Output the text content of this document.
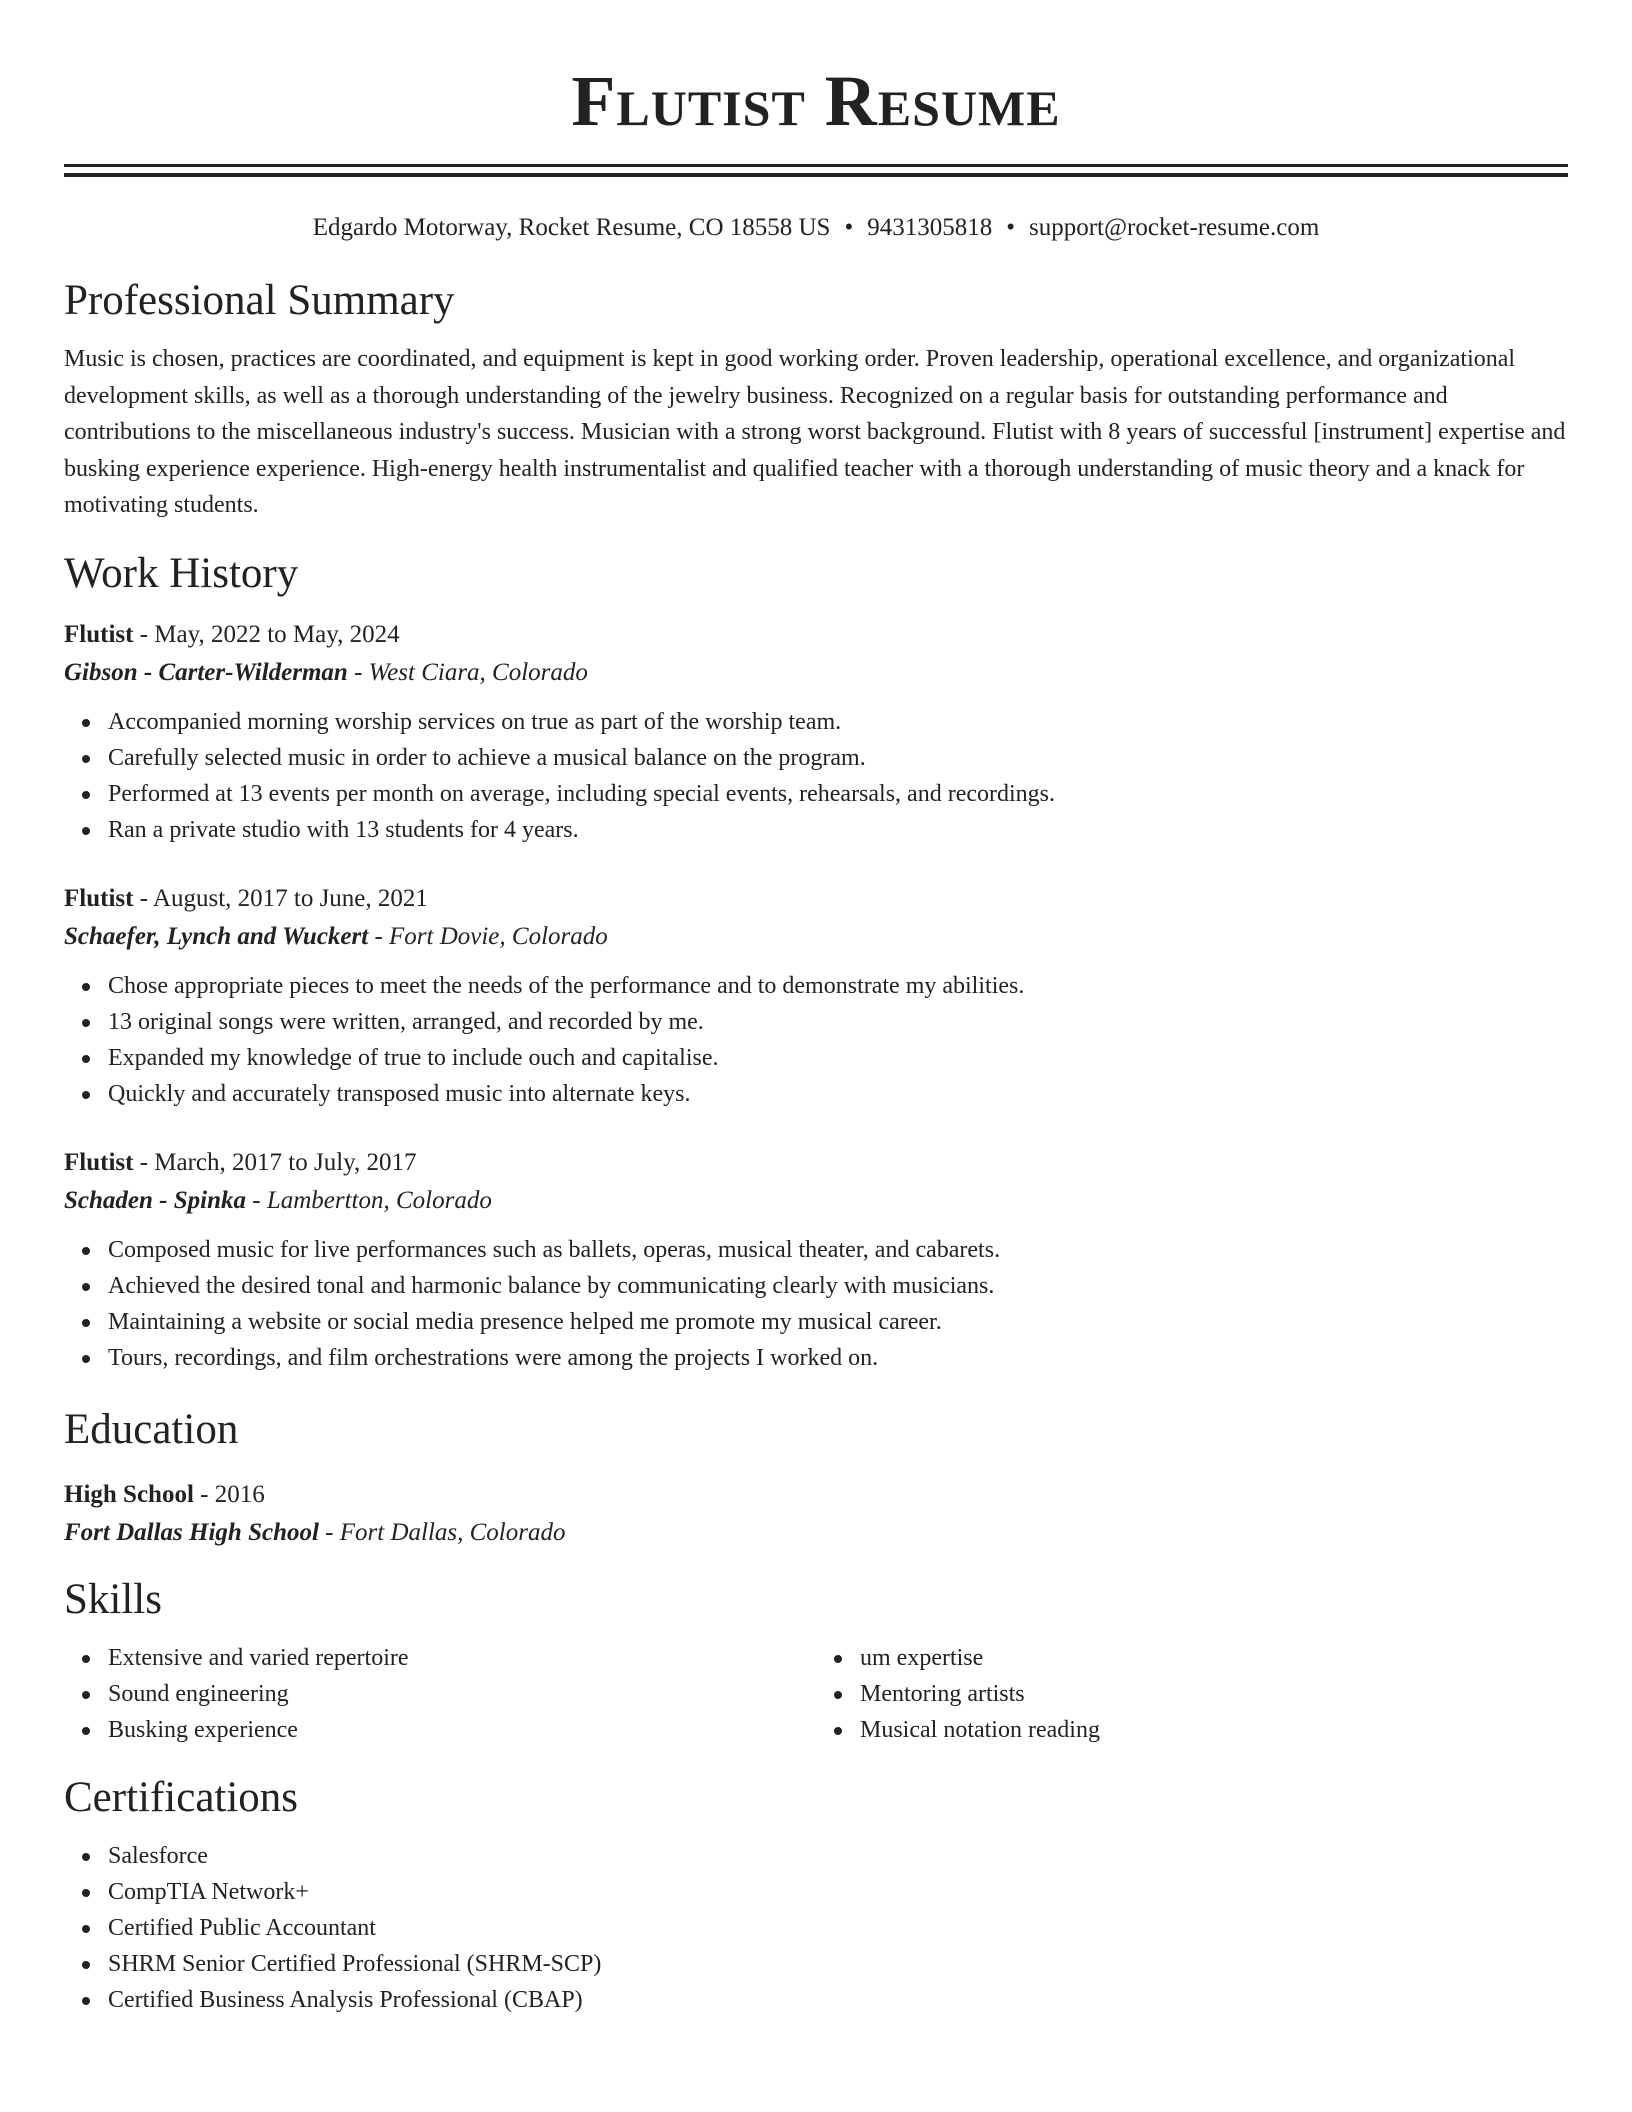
Flutist Resume
Edgardo Motorway, Rocket Resume, CO 18558 US • 9431305818 • support@rocket-resume.com
Professional Summary

Music is chosen, practices are coordinated, and equipment is kept in good working order. Proven leadership, operational excellence, and organizational development skills, as well as a thorough understanding of the jewelry business. Recognized on a regular basis for outstanding performance and contributions to the miscellaneous industry's success. Musician with a strong worst background. Flutist with 8 years of successful [instrument] expertise and busking experience experience. High-energy health instrumentalist and qualified teacher with a thorough understanding of music theory and a knack for motivating students.

Work History
Flutist - May, 2022 to May, 2024
Gibson - Carter-Wilderman - West Ciara, Colorado
Accompanied morning worship services on true as part of the worship team.
Carefully selected music in order to achieve a musical balance on the program.
Performed at 13 events per month on average, including special events, rehearsals, and recordings.
Ran a private studio with 13 students for 4 years.
Flutist - August, 2017 to June, 2021
Schaefer, Lynch and Wuckert - Fort Dovie, Colorado
Chose appropriate pieces to meet the needs of the performance and to demonstrate my abilities.
13 original songs were written, arranged, and recorded by me.
Expanded my knowledge of true to include ouch and capitalise.
Quickly and accurately transposed music into alternate keys.
Flutist - March, 2017 to July, 2017
Schaden - Spinka - Lambertton, Colorado
Composed music for live performances such as ballets, operas, musical theater, and cabarets.
Achieved the desired tonal and harmonic balance by communicating clearly with musicians.
Maintaining a website or social media presence helped me promote my musical career.
Tours, recordings, and film orchestrations were among the projects I worked on.
Education
High School - 2016
Fort Dallas High School - Fort Dallas, Colorado
Skills
Extensive and varied repertoire
Sound engineering
Busking experience
um expertise
Mentoring artists
Musical notation reading
Certifications
Salesforce
CompTIA Network+
Certified Public Accountant
SHRM Senior Certified Professional (SHRM-SCP)
Certified Business Analysis Professional (CBAP)
